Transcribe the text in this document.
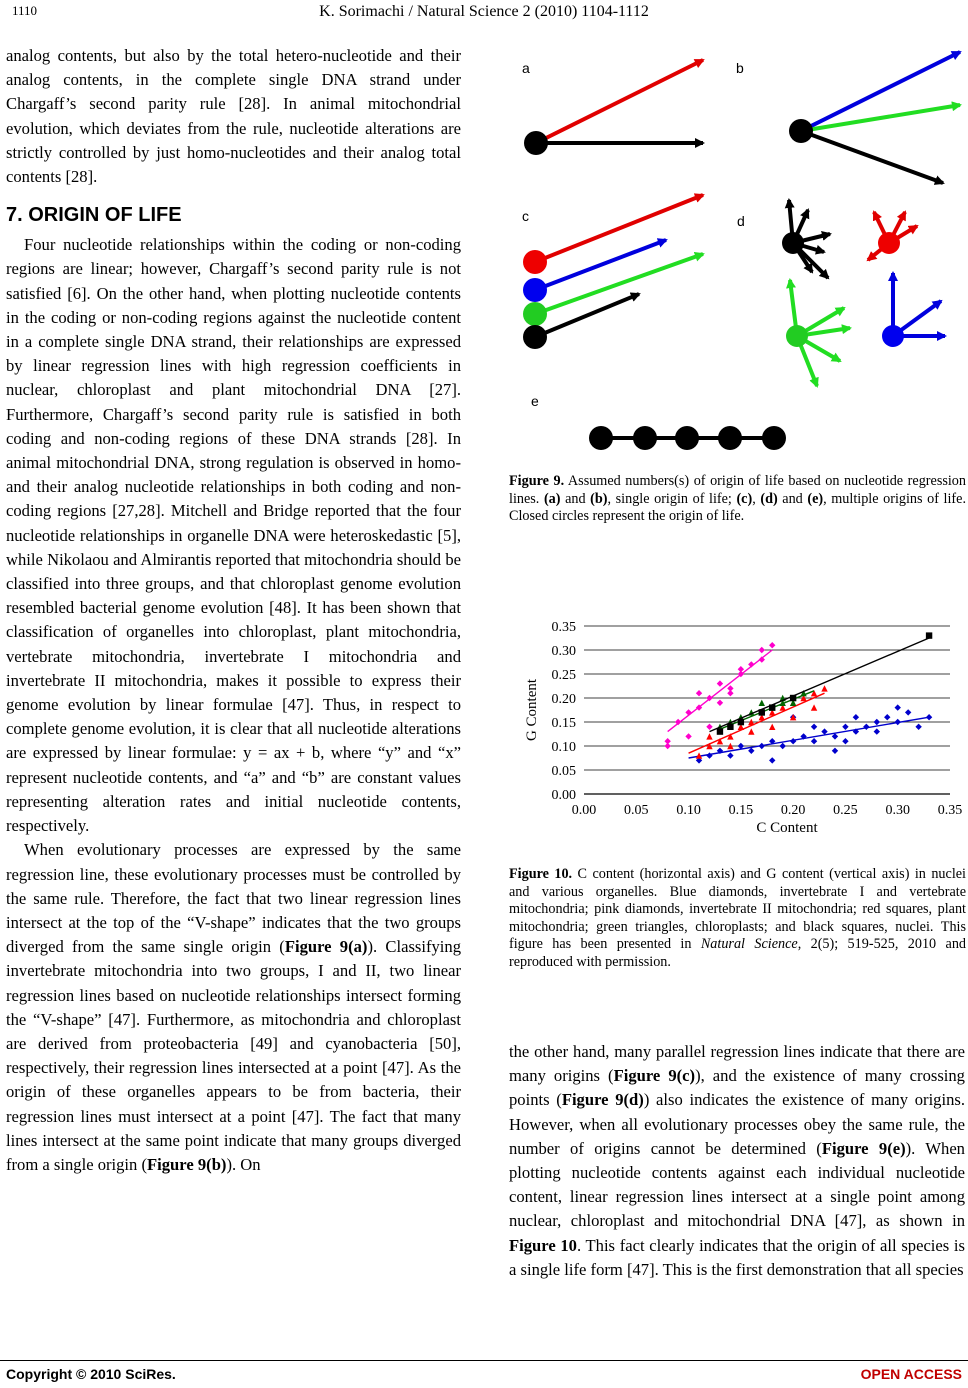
1110	K. Sorimachi / Natural Science 2 (2010) 1104-1112

analog contents, but also by the total hetero-nucleotide and their analog contents, in the complete single DNA strand under Chargaff’s second parity rule [28]. In animal mitochondrial evolution, which deviates from the rule, nucleotide alterations are strictly controlled by just homo-nucleotides and their analog total contents [28].

7. ORIGIN OF LIFE

Four nucleotide relationships within the coding or non-coding regions are linear; however, Chargaff’s second parity rule is not satisfied [6]. On the other hand, when plotting nucleotide contents in the coding or non-coding regions against the nucleotide content in a complete single DNA strand, their relationships are expressed by linear regression lines with high regression coefficients in nuclear, chloroplast and plant mitochondrial DNA [27]. Furthermore, Chargaff’s second parity rule is satisfied in both coding and non-coding regions of these DNA strands [28]. In animal mitochondrial DNA, strong regulation is observed in homo- and their analog nucleotide relationships in both coding and non-coding regions [27,28]. Mitchell and Bridge reported that the four nucleotide relationships in organelle DNA were heteroskedastic [5], while Nikolaou and Almirantis reported that mitochondria should be classified into three groups, and that chloroplast genome evolution resembled bacterial genome evolution [48]. It has been shown that classification of organelles into chloroplast, plant mitochondria, vertebrate mitochondria, invertebrate I mitochondria and invertebrate II mitochondria, makes it possible to express their genome evolution by linear formulae [47]. Thus, in respect to complete genome evolution, it is clear that all nucleotide alterations are expressed by linear formulae: y = ax + b, where “y” and “x” represent nucleotide contents, and “a” and “b” are constant values representing alteration rates and initial nucleotide contents, respectively.

When evolutionary processes are expressed by the same regression line, these evolutionary processes must be controlled by the same rule. Therefore, the fact that two linear regression lines intersect at the top of the “V-shape” indicates that the two groups diverged from the same single origin (Figure 9(a)). Classifying invertebrate mitochondria into two groups, I and II, two linear regression lines based on nucleotide relationships intersect forming the “V-shape” [47]. Furthermore, as mitochondria and chloroplast are derived from proteobacteria [49] and cyanobacteria [50], respectively, their regression lines intersected at a point [47]. As the origin of these organelles appears to be from bacteria, their regression lines must intersect at a point [47]. The fact that many lines intersect at the same point indicate that many groups diverged from a single origin (Figure 9(b)). On

a	b
c	d
e

Figure 9. Assumed numbers(s) of origin of life based on nucleotide regression lines. (a) and (b), single origin of life; (c), (d) and (e), multiple origins of life. Closed circles represent the origin of life.

0.00
0.05
0.10
0.15
0.20
0.25
0.30
0.35
0.00 0.05 0.10 0.15 0.20 0.25 0.30 0.35
C Content
G Content

Figure 10. C content (horizontal axis) and G content (vertical axis) in nuclei and various organelles. Blue diamonds, invertebrate I and vertebrate mitochondria; pink diamonds, invertebrate II mitochondria; red squares, plant mitochondria; green triangles, chloroplasts; and black squares, nuclei. This figure has been presented in Natural Science, 2(5); 519-525, 2010 and reproduced with permission.

the other hand, many parallel regression lines indicate that there are many origins (Figure 9(c)), and the existence of many crossing points (Figure 9(d)) also indicates the existence of many origins. However, when all evolutionary processes obey the same rule, the number of origins cannot be determined (Figure 9(e)). When plotting nucleotide contents against each individual nucleotide content, linear regression lines intersect at a single point among nuclear, chloroplast and mitochondrial DNA [47], as shown in Figure 10. This fact clearly indicates that the origin of all species is a single life form [47]. This is the first demonstration that all species

Copyright © 2010 SciRes.	OPEN ACCESS
